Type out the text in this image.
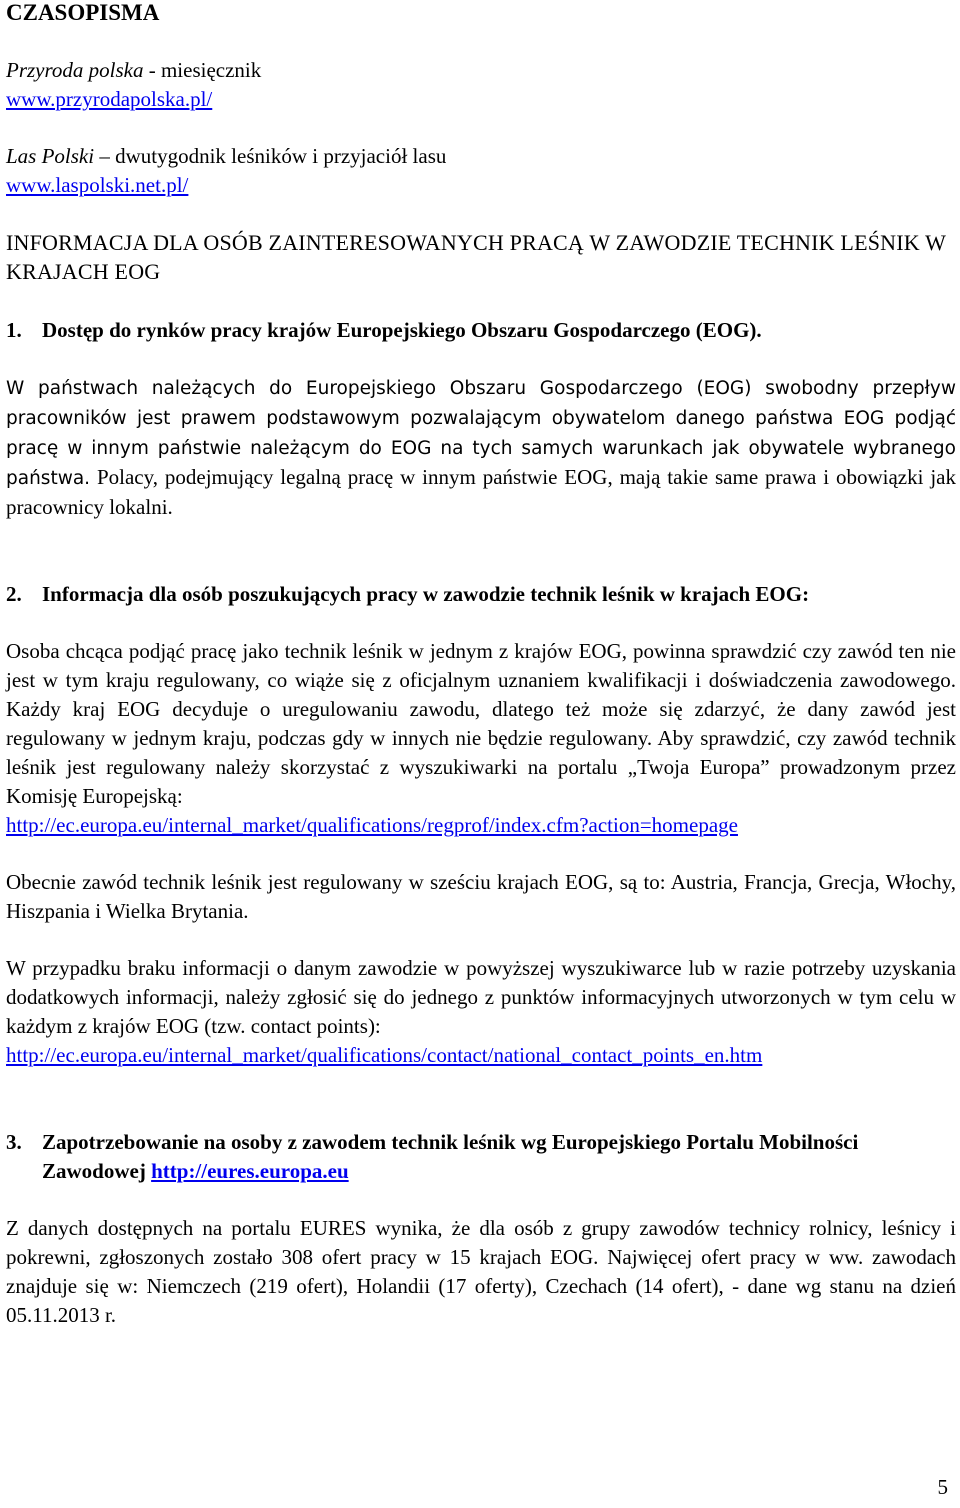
CZASOPISMA

Przyroda polska - miesięcznik

www.przyrodapolska.pl/

Las Polski – dwutygodnik leśników i przyjaciół lasu

www.laspolski.net.pl/

INFORMACJA DLA OSÓB ZAINTERESOWANYCH PRACĄ W ZAWODZIE TECHNIK LEŚNIK W KRAJACH EOG

1. Dostęp do rynków pracy krajów Europejskiego Obszaru Gospodarczego (EOG).

W państwach należących do Europejskiego Obszaru Gospodarczego (EOG) swobodny przepływ pracowników jest prawem podstawowym pozwalającym obywatelom danego państwa EOG podjąć pracę w innym państwie należącym do EOG na tych samych warunkach jak obywatele wybranego państwa. Polacy, podejmujący legalną pracę w innym państwie EOG, mają takie same prawa i obowiązki jak pracownicy lokalni.

2. Informacja dla osób poszukujących pracy w zawodzie technik leśnik w krajach EOG:

Osoba chcąca podjąć pracę jako technik leśnik w jednym z krajów EOG, powinna sprawdzić czy zawód ten nie jest w tym kraju regulowany, co wiąże się z oficjalnym uznaniem kwalifikacji i doświadczenia zawodowego. Każdy kraj EOG decyduje o uregulowaniu zawodu, dlatego też może się zdarzyć, że dany zawód jest regulowany w jednym kraju, podczas gdy w innych nie będzie regulowany. Aby sprawdzić, czy zawód technik leśnik jest regulowany należy skorzystać z wyszukiwarki na portalu „Twoja Europa” prowadzonym przez Komisję Europejską:

http://ec.europa.eu/internal_market/qualifications/regprof/index.cfm?action=homepage

Obecnie zawód technik leśnik jest regulowany w sześciu krajach EOG, są to: Austria, Francja, Grecja, Włochy, Hiszpania i Wielka Brytania.

W przypadku braku informacji o danym zawodzie w powyższej wyszukiwarce lub w razie potrzeby uzyskania dodatkowych informacji, należy zgłosić się do jednego z punktów informacyjnych utworzonych w tym celu w każdym z krajów EOG (tzw. contact points):

http://ec.europa.eu/internal_market/qualifications/contact/national_contact_points_en.htm

3. Zapotrzebowanie na osoby z zawodem technik leśnik wg Europejskiego Portalu Mobilności Zawodowej http://eures.europa.eu

Z danych dostępnych na portalu EURES wynika, że dla osób z grupy zawodów technicy rolnicy, leśnicy i pokrewni, zgłoszonych zostało 308 ofert pracy w 15 krajach EOG. Najwięcej ofert pracy w ww. zawodach znajduje się w: Niemczech (219 ofert), Holandii (17 oferty), Czechach (14 ofert), - dane wg stanu na dzień 05.11.2013 r.

5
